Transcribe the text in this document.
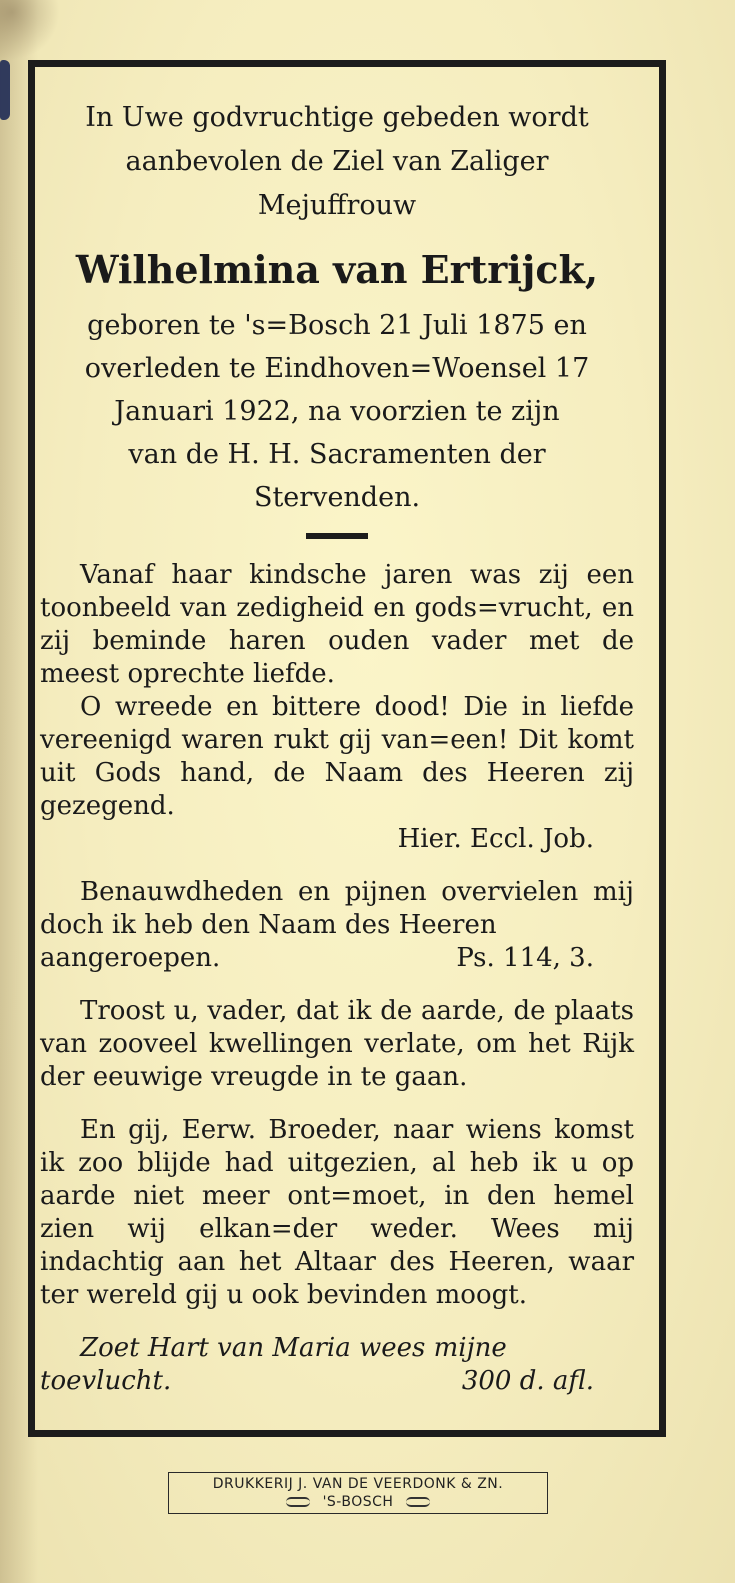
In Uwe godvruchtige gebeden wordt

aanbevolen de Ziel van Zaliger

Mejuffrouw

Wilhelmina van Ertrijck,

geboren te 's=Bosch 21 Juli 1875 en

overleden te Eindhoven=Woensel 17

Januari 1922, na voorzien te zijn

van de H. H. Sacramenten der

Stervenden.

Vanaf haar kindsche jaren was zij een toonbeeld van zedigheid en gods=vrucht, en zij beminde haren ouden vader met de meest oprechte liefde.

O wreede en bittere dood! Die in liefde vereenigd waren rukt gij van=een! Dit komt uit Gods hand, de Naam des Heeren zij gezegend.

Hier. Eccl. Job.

Benauwdheden en pijnen overvielen mij doch ik heb den Naam des Heeren

aangeroepen.	Ps. 114, 3.

Troost u, vader, dat ik de aarde, de plaats van zooveel kwellingen verlate, om het Rijk der eeuwige vreugde in te gaan.

En gij, Eerw. Broeder, naar wiens komst ik zoo blijde had uitgezien, al heb ik u op aarde niet meer ont=moet, in den hemel zien wij elkan=der weder. Wees mij indachtig aan het Altaar des Heeren, waar ter wereld gij u ook bevinden moogt.

Zoet Hart van Maria wees mijne

toevlucht.	300 d. afl.
DRUKKERIJ J. VAN DE VEERDONK & ZN.
'S-BOSCH
